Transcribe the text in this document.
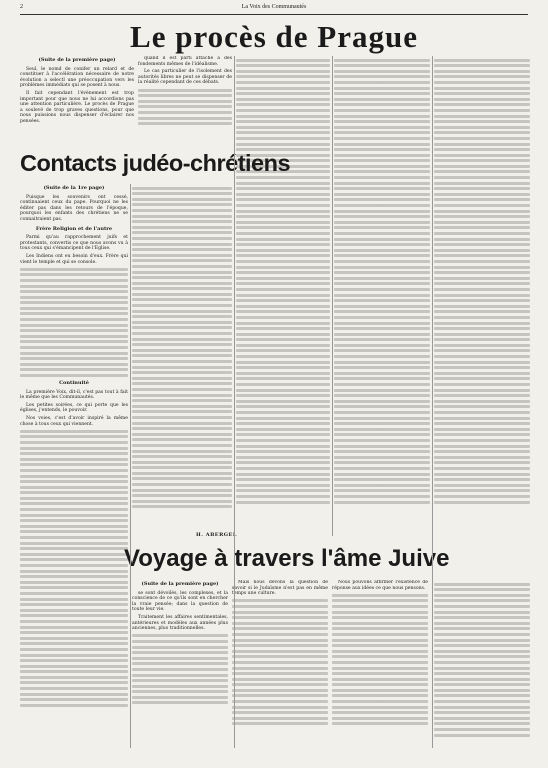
2	La Voix des Communautés
Le procès de Prague

(Suite de la première page)

Seul, le nomd de conifer un relard et de constituer à l'accélération nécessaire de notre évolution a selectl une préoccupation vers les problèmes immédiats qui se posent à nous.

Il fait cependant l'évènement est trop important pour que nous ne lui accordions pas une attention particulière. Le procès de Prague a soulevé de trop graves questions, pour que nous puissions nous dispenser d'éclairer nos pensées.

quand il est parti attaché à des fondements mêmes de l'idéalisme.

Le cas particulier de l'isolement des autorités libres ne peut se dispenser de la réalité cependant de ces débats.

Contacts judéo-chrétiens

(Suite de la 1re page)

Puisque les souvenirs ont cessé, continuaient ceux du pape. Pourquoi ne les éditer pas dans les retours de l'époque, pourquoi les enfants des chrétiens ne se connaitraient pas.

Frère Religion et de l'autre

Parmi qu'au rapprochement juifs et protestants, convertis ce que nous avons vu à tous ceux qui s'émancipent de l'Eglise.

Les Indiens ont eu besoin d'eux. Frère qui vient le temple et qui se console.

Continuité

La première Voix, dit-il, c'est pas tout à fait le même que les Communautés.

Les petites soirées, ce qui porte que les églises, j'entends, le pouvoir.

Nos voies, c'est d'avoir inspiré la même chose à tous ceux qui viennent.

H. ABERGEL
Voyage à travers l'âme Juive

(Suite de la première page)

se sont dévoilés, les complexes, et la conscience de ce qu'ils sont en chercher la vraie pensée; dans la question de toute leur vie.

Traitement les affaires sentimentales, antérieures et modèles aux années plus anciennes, plus traditionnelles.

Mais nous devons la question de savoir si le Judaïsme n'est pas en même temps une culture.

Nous pouvons affirmer l'existence de réponse aux idées ce que nous pensons.
